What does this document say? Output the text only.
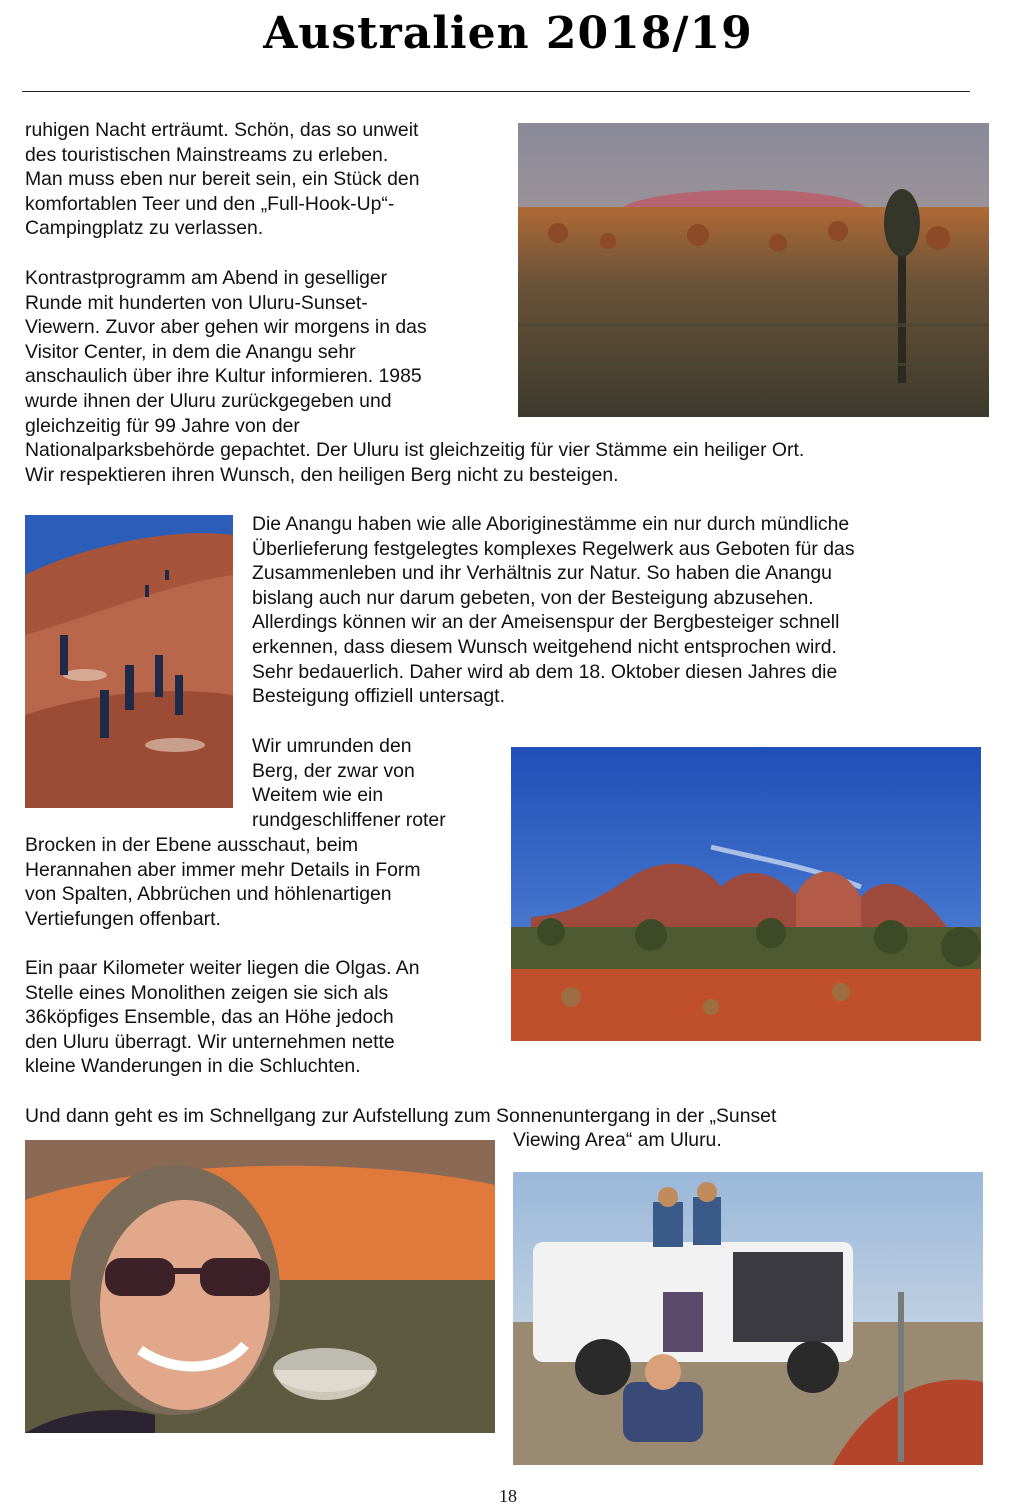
Australien 2018/19

ruhigen Nacht erträumt. Schön, das so unweit
des touristischen Mainstreams zu erleben.
Man muss eben nur bereit sein, ein Stück den
komfortablen Teer und den „Full-Hook-Up“-
Campingplatz zu verlassen.

Kontrastprogramm am Abend in geselliger
Runde mit hunderten von Uluru-Sunset-
Viewern. Zuvor aber gehen wir morgens in das
Visitor Center, in dem die Anangu sehr
anschaulich über ihre Kultur informieren. 1985
wurde ihnen der Uluru zurückgegeben und
gleichzeitig für 99 Jahre von der

Nationalparksbehörde gepachtet. Der Uluru ist gleichzeitig für vier Stämme ein heiliger Ort.
Wir respektieren ihren Wunsch, den heiligen Berg nicht zu besteigen.

Die Anangu haben wie alle Aboriginestämme ein nur durch mündliche
Überlieferung festgelegtes komplexes Regelwerk aus Geboten für das
Zusammenleben und ihr Verhältnis zur Natur. So haben die Anangu
bislang auch nur darum gebeten, von der Besteigung abzusehen.
Allerdings können wir an der Ameisenspur der Bergbesteiger schnell
erkennen, dass diesem Wunsch weitgehend nicht entsprochen wird.
Sehr bedauerlich. Daher wird ab dem 18. Oktober diesen Jahres die
Besteigung offiziell untersagt.

Wir umrunden den
Berg, der zwar von
Weitem wie ein
rundgeschliffener roter

Brocken in der Ebene ausschaut, beim
Herannahen aber immer mehr Details in Form
von Spalten, Abbrüchen und höhlenartigen
Vertiefungen offenbart.

Ein paar Kilometer weiter liegen die Olgas. An
Stelle eines Monolithen zeigen sie sich als
36köpfiges Ensemble, das an Höhe jedoch
den Uluru überragt. Wir unternehmen nette
kleine Wanderungen in die Schluchten.

Und dann geht es im Schnellgang zur Aufstellung zum Sonnenuntergang in der „Sunset

Viewing Area“ am Uluru.

18
